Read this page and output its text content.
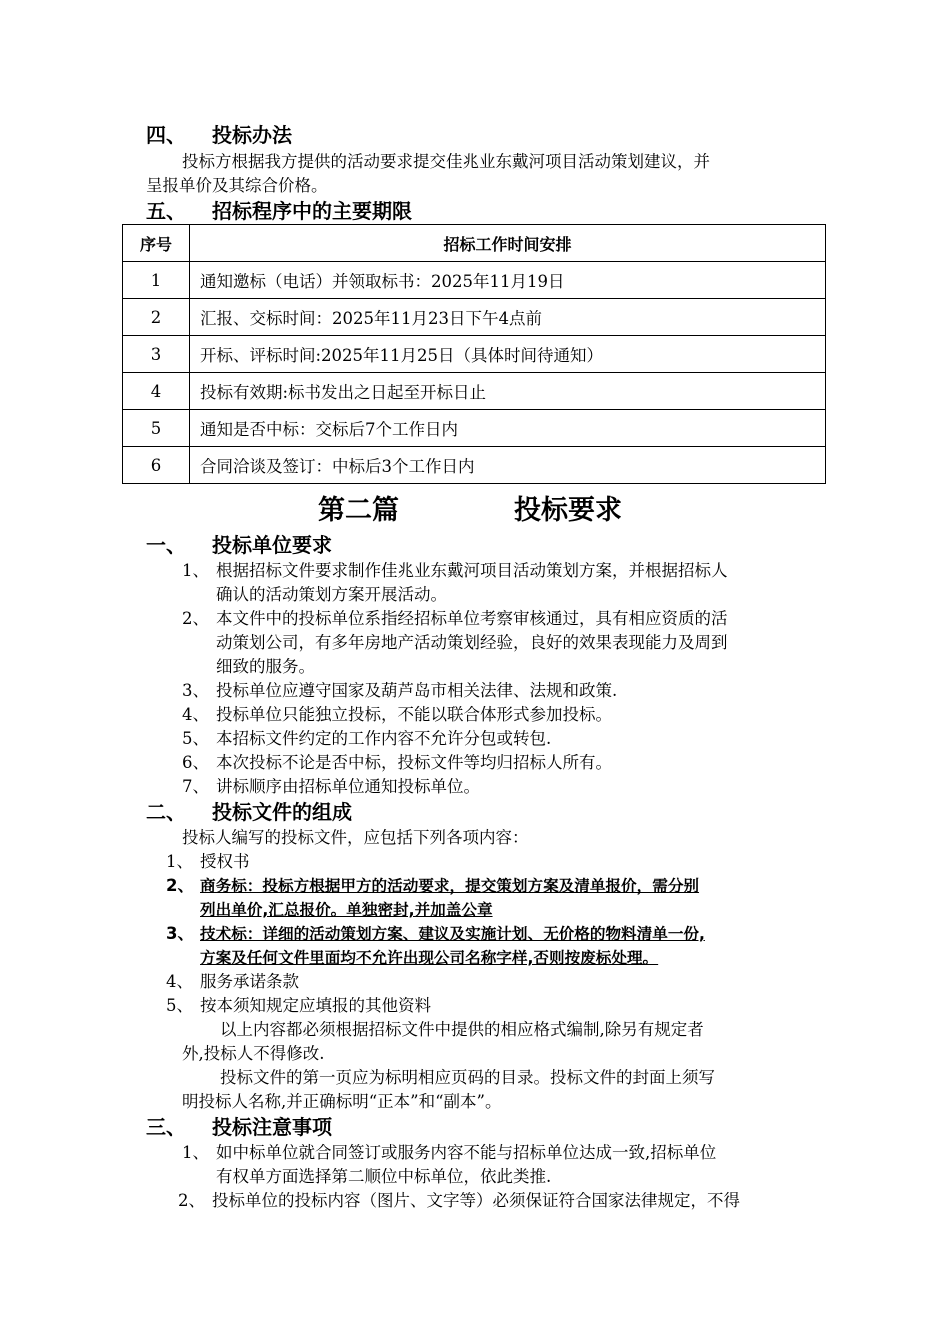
四、 投标办法
投标方根据我方提供的活动要求提交佳兆业东戴河项目活动策划建议，并
呈报单价及其综合价格。
五、 招标程序中的主要期限
序号	招标工作时间安排
1	通知邀标（电话）并领取标书：2025年11月19日
2	汇报、交标时间：2025年11月23日下午4点前
3	开标、评标时间:2025年11月25日（具体时间待通知）
4	投标有效期:标书发出之日起至开标日止
5	通知是否中标：交标后7个工作日内
6	合同洽谈及签订：中标后3个工作日内
第二篇	投标要求
一、 投标单位要求
1、 根据招标文件要求制作佳兆业东戴河项目活动策划方案，并根据招标人
确认的活动策划方案开展活动。
2、 本文件中的投标单位系指经招标单位考察审核通过，具有相应资质的活
动策划公司，有多年房地产活动策划经验，良好的效果表现能力及周到
细致的服务。
3、 投标单位应遵守国家及葫芦岛市相关法律、法规和政策.
4、 投标单位只能独立投标，不能以联合体形式参加投标。
5、 本招标文件约定的工作内容不允许分包或转包.
6、 本次投标不论是否中标，投标文件等均归招标人所有。
7、 讲标顺序由招标单位通知投标单位。
二、 投标文件的组成
投标人编写的投标文件，应包括下列各项内容：
1、 授权书
2、 商务标：投标方根据甲方的活动要求，提交策划方案及清单报价，需分别
列出单价,汇总报价。单独密封,并加盖公章
3、 技术标：详细的活动策划方案、建议及实施计划、无价格的物料清单一份,
方案及任何文件里面均不允许出现公司名称字样,否则按废标处理。
4、 服务承诺条款
5、 按本须知规定应填报的其他资料
以上内容都必须根据招标文件中提供的相应格式编制,除另有规定者
外,投标人不得修改.
投标文件的第一页应为标明相应页码的目录。投标文件的封面上须写
明投标人名称,并正确标明“正本”和“副本”。
三、 投标注意事项
1、 如中标单位就合同签订或服务内容不能与招标单位达成一致,招标单位
有权单方面选择第二顺位中标单位，依此类推.
2、 投标单位的投标内容（图片、文字等）必须保证符合国家法律规定，不得
